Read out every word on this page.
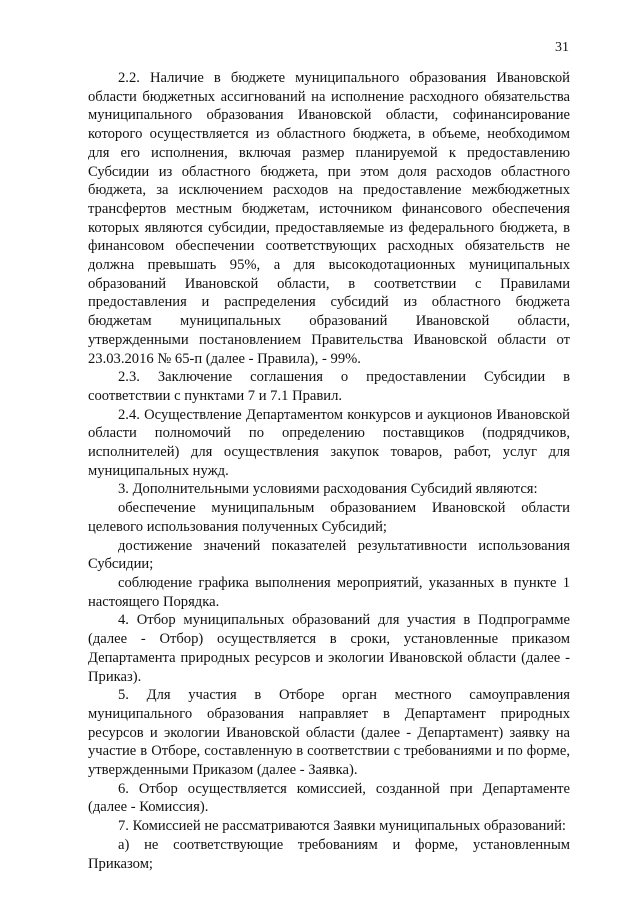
31

2.2. Наличие в бюджете муниципального образования Ивановской области бюджетных ассигнований на исполнение расходного обязательства муниципального образования Ивановской области, софинансирование которого осуществляется из областного бюджета, в объеме, необходимом для его исполнения, включая размер планируемой к предоставлению Субсидии из областного бюджета, при этом доля расходов областного бюджета, за исключением расходов на предоставление межбюджетных трансфертов местным бюджетам, источником финансового обеспечения которых являются субсидии, предоставляемые из федерального бюджета, в финансовом обеспечении соответствующих расходных обязательств не должна превышать 95%, а для высокодотационных муниципальных образований Ивановской области, в соответствии с Правилами предоставления и распределения субсидий из областного бюджета бюджетам муниципальных образований Ивановской области, утвержденными постановлением Правительства Ивановской области от 23.03.2016 № 65-п (далее - Правила), - 99%.

2.3. Заключение соглашения о предоставлении Субсидии в соответствии с пунктами 7 и 7.1 Правил.

2.4. Осуществление Департаментом конкурсов и аукционов Ивановской области полномочий по определению поставщиков (подрядчиков, исполнителей) для осуществления закупок товаров, работ, услуг для муниципальных нужд.

3. Дополнительными условиями расходования Субсидий являются:

обеспечение муниципальным образованием Ивановской области целевого использования полученных Субсидий;

достижение значений показателей результативности использования Субсидии;

соблюдение графика выполнения мероприятий, указанных в пункте 1 настоящего Порядка.

4. Отбор муниципальных образований для участия в Подпрограмме (далее - Отбор) осуществляется в сроки, установленные приказом Департамента природных ресурсов и экологии Ивановской области (далее - Приказ).

5. Для участия в Отборе орган местного самоуправления муниципального образования направляет в Департамент природных ресурсов и экологии Ивановской области (далее - Департамент) заявку на участие в Отборе, составленную в соответствии с требованиями и по форме, утвержденными Приказом (далее - Заявка).

6. Отбор осуществляется комиссией, созданной при Департаменте (далее - Комиссия).

7. Комиссией не рассматриваются Заявки муниципальных образований:

а) не соответствующие требованиям и форме, установленным Приказом;
